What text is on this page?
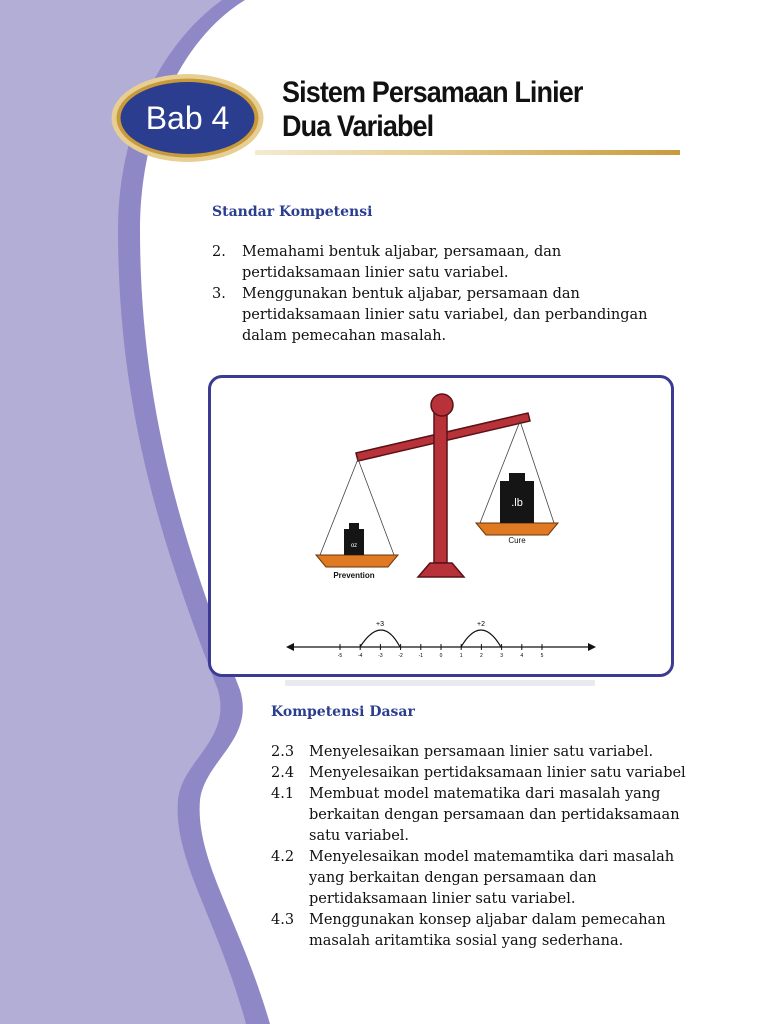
Bab 4
Sistem Persamaan Linier
Dua Variabel
Standar Kompetensi
2.	Memahami bentuk aljabar, persamaan, dan pertidaksamaan linier satu variabel.
3.	Menggunakan bentuk aljabar, persamaan dan pertidaksamaan linier satu variabel, dan perbandingan dalam pemecahan masalah.
oz
Prevention
.lb
Cure
-5	-4	-3	-2	-1	0	1	2	3	4	5
+3	+2
Kompetensi Dasar
2.3	Menyelesaikan persamaan linier satu variabel.
2.4	Menyelesaikan pertidaksamaan linier satu variabel
4.1	Membuat model matematika dari masalah yang berkaitan dengan persamaan dan pertidaksamaan satu variabel.
4.2	Menyelesaikan model matemamtika dari masalah yang berkaitan dengan persamaan dan pertidaksamaan linier satu variabel.
4.3	Menggunakan konsep aljabar dalam pemecahan masalah aritamtika sosial yang sederhana.
